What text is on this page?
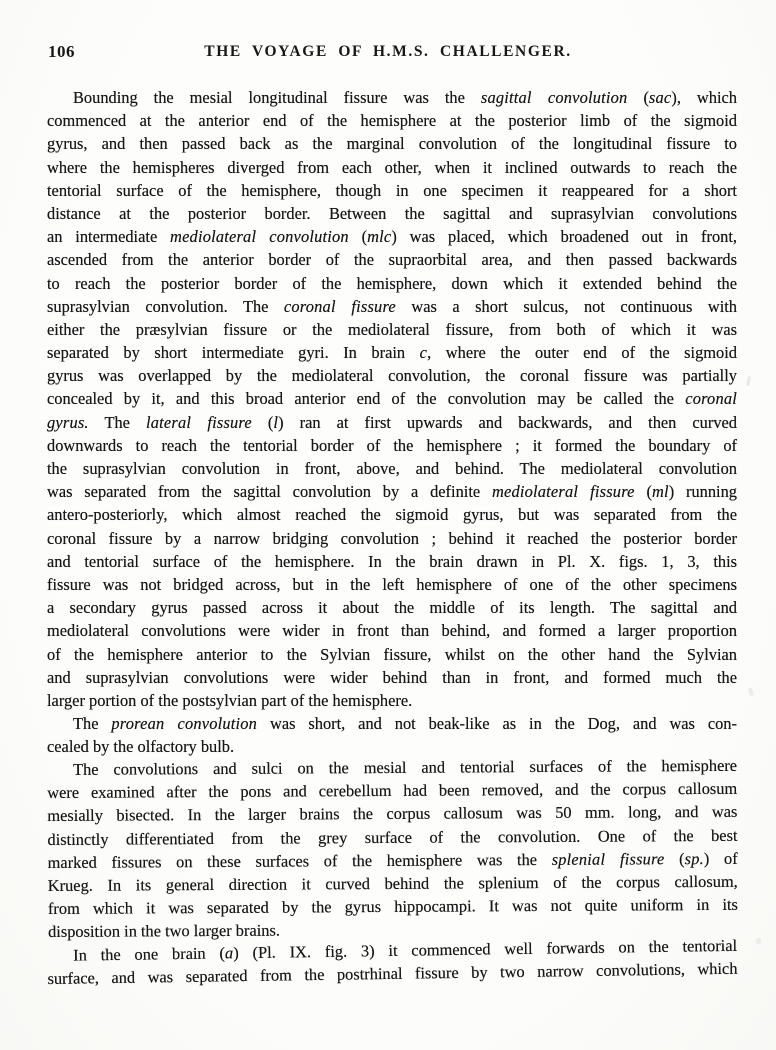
106	THE VOYAGE OF H.M.S. CHALLENGER.
Bounding the mesial longitudinal fissure was the sagittal convolution (sac), which
commenced at the anterior end of the hemisphere at the posterior limb of the sigmoid
gyrus, and then passed back as the marginal convolution of the longitudinal fissure to
where the hemispheres diverged from each other, when it inclined outwards to reach the
tentorial surface of the hemisphere, though in one specimen it reappeared for a short
distance at the posterior border. Between the sagittal and suprasylvian convolutions
an intermediate mediolateral convolution (mlc) was placed, which broadened out in front,
ascended from the anterior border of the supraorbital area, and then passed backwards
to reach the posterior border of the hemisphere, down which it extended behind the
suprasylvian convolution. The coronal fissure was a short sulcus, not continuous with
either the præsylvian fissure or the mediolateral fissure, from both of which it was
separated by short intermediate gyri. In brain c, where the outer end of the sigmoid
gyrus was overlapped by the mediolateral convolution, the coronal fissure was partially
concealed by it, and this broad anterior end of the convolution may be called the coronal
gyrus. The lateral fissure (l) ran at first upwards and backwards, and then curved
downwards to reach the tentorial border of the hemisphere ; it formed the boundary of
the suprasylvian convolution in front, above, and behind. The mediolateral convolution
was separated from the sagittal convolution by a definite mediolateral fissure (ml) running
antero-posteriorly, which almost reached the sigmoid gyrus, but was separated from the
coronal fissure by a narrow bridging convolution ; behind it reached the posterior border
and tentorial surface of the hemisphere. In the brain drawn in Pl. X. figs. 1, 3, this
fissure was not bridged across, but in the left hemisphere of one of the other specimens
a secondary gyrus passed across it about the middle of its length. The sagittal and
mediolateral convolutions were wider in front than behind, and formed a larger proportion
of the hemisphere anterior to the Sylvian fissure, whilst on the other hand the Sylvian
and suprasylvian convolutions were wider behind than in front, and formed much the
larger portion of the postsylvian part of the hemisphere.
The prorean convolution was short, and not beak-like as in the Dog, and was con-
cealed by the olfactory bulb.
The convolutions and sulci on the mesial and tentorial surfaces of the hemisphere
were examined after the pons and cerebellum had been removed, and the corpus callosum
mesially bisected. In the larger brains the corpus callosum was 50 mm. long, and was
distinctly differentiated from the grey surface of the convolution. One of the best
marked fissures on these surfaces of the hemisphere was the splenial fissure (sp.) of
Krueg. In its general direction it curved behind the splenium of the corpus callosum,
from which it was separated by the gyrus hippocampi. It was not quite uniform in its
disposition in the two larger brains.
In the one brain (a) (Pl. IX. fig. 3) it commenced well forwards on the tentorial
surface, and was separated from the postrhinal fissure by two narrow convolutions, which
